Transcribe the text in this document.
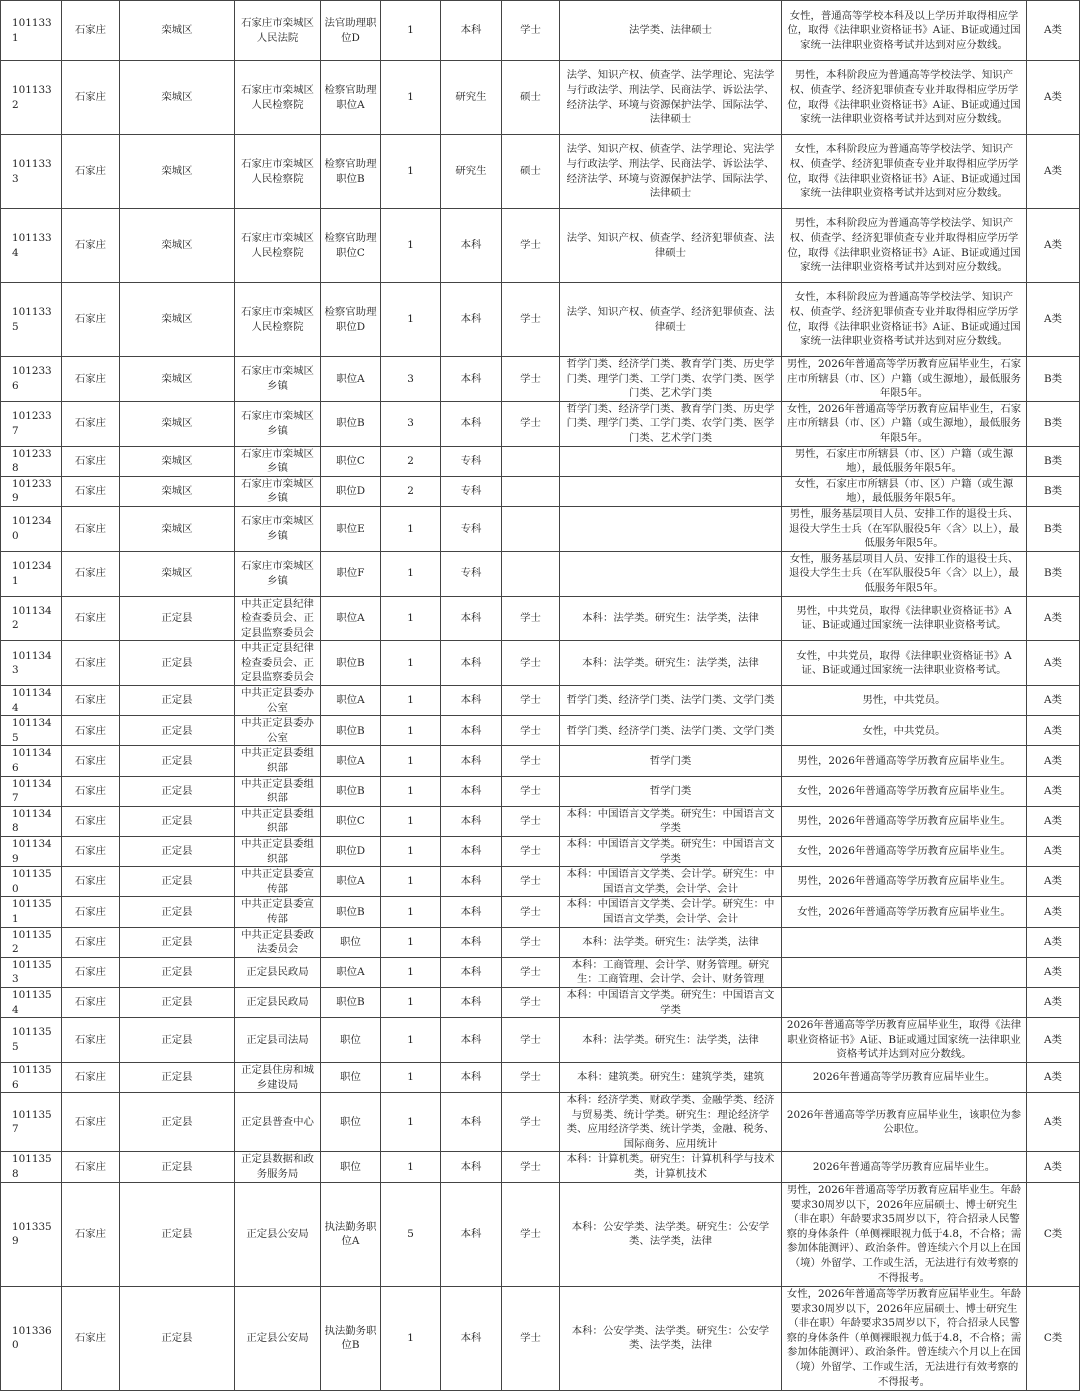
1011331	石家庄	栾城区	石家庄市栾城区人民法院	法官助理职位D	1	本科	学士	法学类、法律硕士	女性，普通高等学校本科及以上学历并取得相应学位，取得《法律职业资格证书》A证、B证或通过国家统一法律职业资格考试并达到对应分数线。	A类
1011332	石家庄	栾城区	石家庄市栾城区人民检察院	检察官助理职位A	1	研究生	硕士	法学、知识产权、侦查学、法学理论、宪法学与行政法学、刑法学、民商法学、诉讼法学、经济法学、环境与资源保护法学、国际法学、法律硕士	男性，本科阶段应为普通高等学校法学、知识产权、侦查学、经济犯罪侦查专业并取得相应学历学位，取得《法律职业资格证书》A证、B证或通过国家统一法律职业资格考试并达到对应分数线。	A类
1011333	石家庄	栾城区	石家庄市栾城区人民检察院	检察官助理职位B	1	研究生	硕士	法学、知识产权、侦查学、法学理论、宪法学与行政法学、刑法学、民商法学、诉讼法学、经济法学、环境与资源保护法学、国际法学、法律硕士	女性，本科阶段应为普通高等学校法学、知识产权、侦查学、经济犯罪侦查专业并取得相应学历学位，取得《法律职业资格证书》A证、B证或通过国家统一法律职业资格考试并达到对应分数线。	A类
1011334	石家庄	栾城区	石家庄市栾城区人民检察院	检察官助理职位C	1	本科	学士	法学、知识产权、侦查学、经济犯罪侦查、法律硕士	男性，本科阶段应为普通高等学校法学、知识产权、侦查学、经济犯罪侦查专业并取得相应学历学位，取得《法律职业资格证书》A证、B证或通过国家统一法律职业资格考试并达到对应分数线。	A类
1011335	石家庄	栾城区	石家庄市栾城区人民检察院	检察官助理职位D	1	本科	学士	法学、知识产权、侦查学、经济犯罪侦查、法律硕士	女性，本科阶段应为普通高等学校法学、知识产权、侦查学、经济犯罪侦查专业并取得相应学历学位，取得《法律职业资格证书》A证、B证或通过国家统一法律职业资格考试并达到对应分数线。	A类
1012336	石家庄	栾城区	石家庄市栾城区乡镇	职位A	3	本科	学士	哲学门类、经济学门类、教育学门类、历史学门类、理学门类、工学门类、农学门类、医学门类、艺术学门类	男性，2026年普通高等学历教育应届毕业生，石家庄市所辖县（市、区）户籍（或生源地），最低服务年限5年。	B类
1012337	石家庄	栾城区	石家庄市栾城区乡镇	职位B	3	本科	学士	哲学门类、经济学门类、教育学门类、历史学门类、理学门类、工学门类、农学门类、医学门类、艺术学门类	女性，2026年普通高等学历教育应届毕业生，石家庄市所辖县（市、区）户籍（或生源地），最低服务年限5年。	B类
1012338	石家庄	栾城区	石家庄市栾城区乡镇	职位C	2	专科			男性，石家庄市所辖县（市、区）户籍（或生源地），最低服务年限5年。	B类
1012339	石家庄	栾城区	石家庄市栾城区乡镇	职位D	2	专科			女性，石家庄市所辖县（市、区）户籍（或生源地），最低服务年限5年。	B类
1012340	石家庄	栾城区	石家庄市栾城区乡镇	职位E	1	专科			男性，服务基层项目人员、安排工作的退役士兵、退役大学生士兵（在军队服役5年〈含〉以上），最低服务年限5年。	B类
1012341	石家庄	栾城区	石家庄市栾城区乡镇	职位F	1	专科			女性，服务基层项目人员、安排工作的退役士兵、退役大学生士兵（在军队服役5年〈含〉以上），最低服务年限5年。	B类
1011342	石家庄	正定县	中共正定县纪律检查委员会、正定县监察委员会	职位A	1	本科	学士	本科：法学类。研究生：法学类，法律	男性，中共党员，取得《法律职业资格证书》A证、B证或通过国家统一法律职业资格考试。	A类
1011343	石家庄	正定县	中共正定县纪律检查委员会、正定县监察委员会	职位B	1	本科	学士	本科：法学类。研究生：法学类，法律	女性，中共党员，取得《法律职业资格证书》A证、B证或通过国家统一法律职业资格考试。	A类
1011344	石家庄	正定县	中共正定县委办公室	职位A	1	本科	学士	哲学门类、经济学门类、法学门类、文学门类	男性，中共党员。	A类
1011345	石家庄	正定县	中共正定县委办公室	职位B	1	本科	学士	哲学门类、经济学门类、法学门类、文学门类	女性，中共党员。	A类
1011346	石家庄	正定县	中共正定县委组织部	职位A	1	本科	学士	哲学门类	男性，2026年普通高等学历教育应届毕业生。	A类
1011347	石家庄	正定县	中共正定县委组织部	职位B	1	本科	学士	哲学门类	女性，2026年普通高等学历教育应届毕业生。	A类
1011348	石家庄	正定县	中共正定县委组织部	职位C	1	本科	学士	本科：中国语言文学类。研究生：中国语言文学类	男性，2026年普通高等学历教育应届毕业生。	A类
1011349	石家庄	正定县	中共正定县委组织部	职位D	1	本科	学士	本科：中国语言文学类。研究生：中国语言文学类	女性，2026年普通高等学历教育应届毕业生。	A类
1011350	石家庄	正定县	中共正定县委宣传部	职位A	1	本科	学士	本科：中国语言文学类、会计学。研究生：中国语言文学类，会计学、会计	男性，2026年普通高等学历教育应届毕业生。	A类
1011351	石家庄	正定县	中共正定县委宣传部	职位B	1	本科	学士	本科：中国语言文学类、会计学。研究生：中国语言文学类，会计学、会计	女性，2026年普通高等学历教育应届毕业生。	A类
1011352	石家庄	正定县	中共正定县委政法委员会	职位	1	本科	学士	本科：法学类。研究生：法学类，法律		A类
1011353	石家庄	正定县	正定县民政局	职位A	1	本科	学士	本科：工商管理、会计学、财务管理。研究生：工商管理、会计学、会计、财务管理		A类
1011354	石家庄	正定县	正定县民政局	职位B	1	本科	学士	本科：中国语言文学类。研究生：中国语言文学类		A类
1011355	石家庄	正定县	正定县司法局	职位	1	本科	学士	本科：法学类。研究生：法学类，法律	2026年普通高等学历教育应届毕业生，取得《法律职业资格证书》A证、B证或通过国家统一法律职业资格考试并达到对应分数线。	A类
1011356	石家庄	正定县	正定县住房和城乡建设局	职位	1	本科	学士	本科：建筑类。研究生：建筑学类，建筑	2026年普通高等学历教育应届毕业生。	A类
1011357	石家庄	正定县	正定县普查中心	职位	1	本科	学士	本科：经济学类、财政学类、金融学类、经济与贸易类、统计学类。研究生：理论经济学类、应用经济学类、统计学类，金融、税务、国际商务、应用统计	2026年普通高等学历教育应届毕业生，该职位为参公职位。	A类
1011358	石家庄	正定县	正定县数据和政务服务局	职位	1	本科	学士	本科：计算机类。研究生：计算机科学与技术类，计算机技术	2026年普通高等学历教育应届毕业生。	A类
1013359	石家庄	正定县	正定县公安局	执法勤务职位A	5	本科	学士	本科：公安学类、法学类。研究生：公安学类、法学类，法律	男性，2026年普通高等学历教育应届毕业生。年龄要求30周岁以下，2026年应届硕士、博士研究生（非在职）年龄要求35周岁以下，符合招录人民警察的身体条件（单侧裸眼视力低于4.8，不合格；需参加体能测评）、政治条件。曾连续六个月以上在国（境）外留学、工作或生活，无法进行有效考察的不得报考。	C类
1013360	石家庄	正定县	正定县公安局	执法勤务职位B	1	本科	学士	本科：公安学类、法学类。研究生：公安学类、法学类，法律	女性，2026年普通高等学历教育应届毕业生。年龄要求30周岁以下，2026年应届硕士、博士研究生（非在职）年龄要求35周岁以下，符合招录人民警察的身体条件（单侧裸眼视力低于4.8，不合格；需参加体能测评）、政治条件。曾连续六个月以上在国（境）外留学、工作或生活，无法进行有效考察的不得报考。	C类
